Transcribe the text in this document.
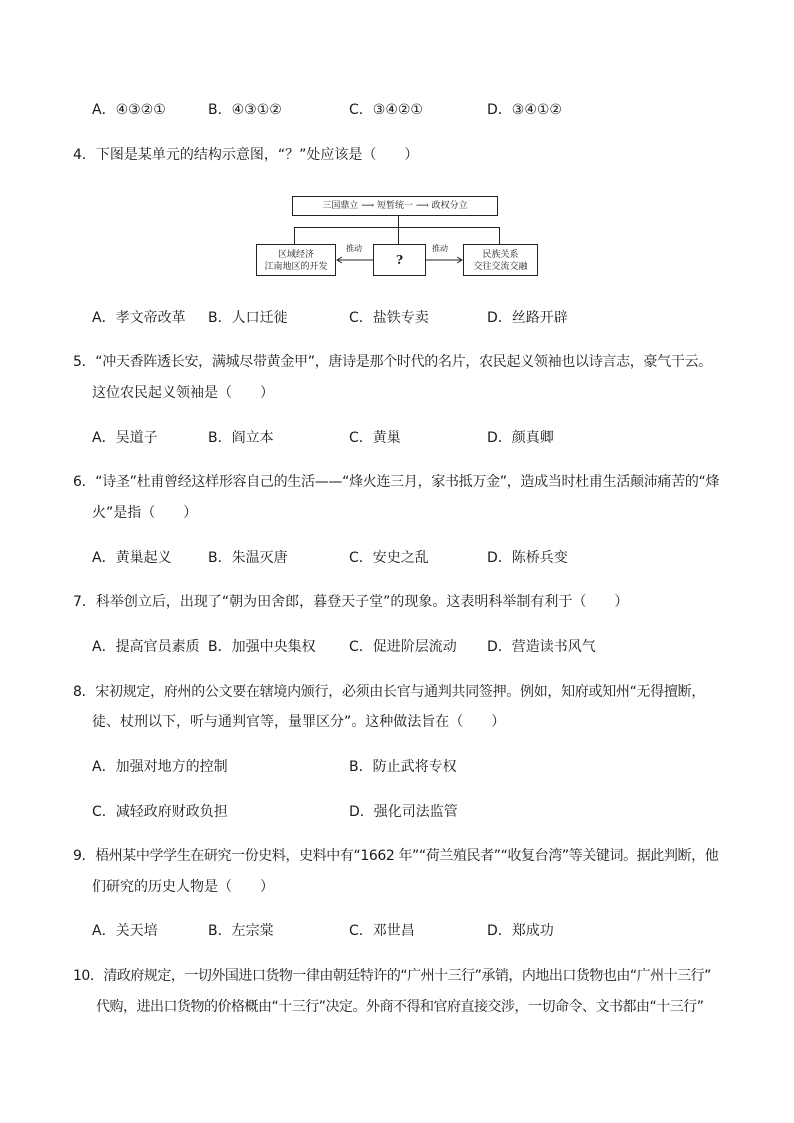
A．④③②①	B．④③①②	C．③④②①	D．③④①②
4．下图是某单元的结构示意图，“？”处应该是（　　）
三国鼎立 ⟶ 短暂统一 ⟶ 政权分立
区域经济
江南地区的开发	?	民族关系
交往交流交融
推动	推动
A．孝文帝改革 B．人口迁徙	C．盐铁专卖	D．丝路开辟
5．“冲天香阵透长安，满城尽带黄金甲”，唐诗是那个时代的名片，农民起义领袖也以诗言志，豪气干云。
这位农民起义领袖是（　　）
A．吴道子	B．阎立本	C．黄巢	D．颜真卿
6．“诗圣”杜甫曾经这样形容自己的生活——“烽火连三月，家书抵万金”，造成当时杜甫生活颠沛痛苦的“烽
火”是指（　　）
A．黄巢起义	B．朱温灭唐	C．安史之乱	D．陈桥兵变
7．科举创立后，出现了“朝为田舍郎，暮登天子堂”的现象。这表明科举制有利于（　　）
A．提高官员素质 B．加强中央集权 C．促进阶层流动 D．营造读书风气
8．宋初规定，府州的公文要在辖境内颁行，必须由长官与通判共同签押。例如，知府或知州“无得擅断，
徒、杖刑以下，听与通判官等，量罪区分”。这种做法旨在（　　）
A．加强对地方的控制	B．防止武将专权
C．减轻政府财政负担	D．强化司法监管
9．梧州某中学学生在研究一份史料，史料中有“1662 年”“荷兰殖民者”“收复台湾”等关键词。据此判断，他
们研究的历史人物是（　　）
A．关天培	B．左宗棠	C．邓世昌	D．郑成功
10．清政府规定，一切外国进口货物一律由朝廷特许的“广州十三行”承销，内地出口货物也由“广州十三行”
代购，进出口货物的价格概由“十三行”决定。外商不得和官府直接交涉，一切命令、文书都由“十三行”
